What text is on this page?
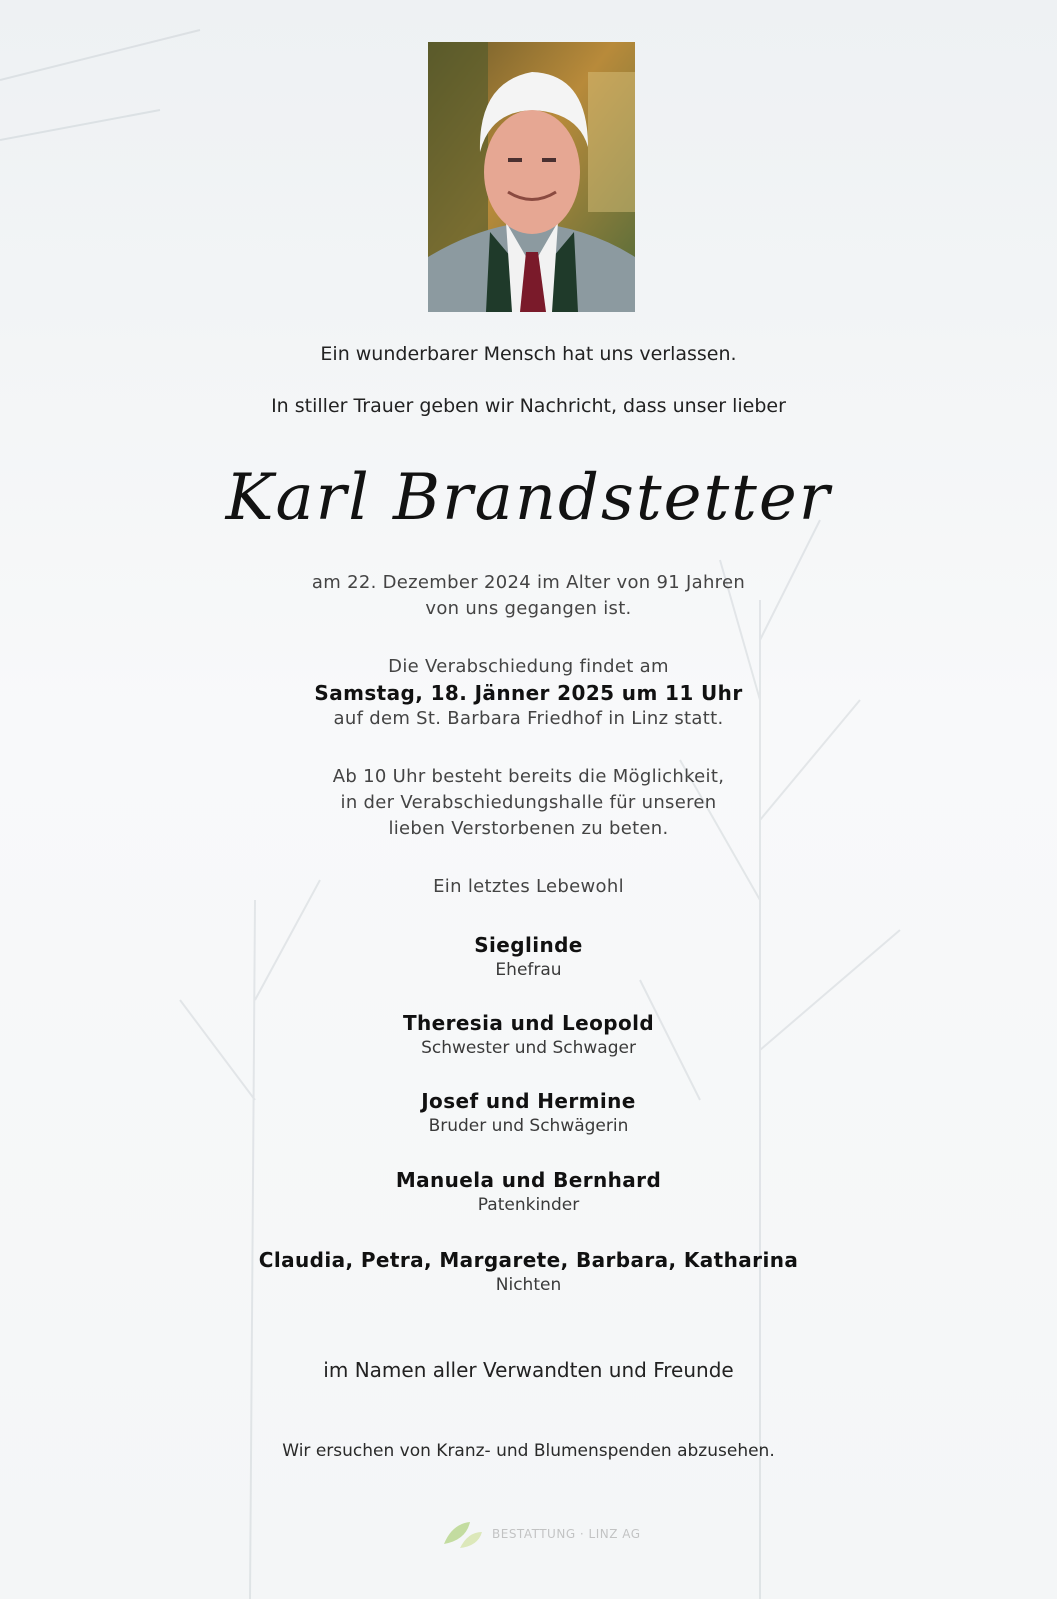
Ein wunderbarer Mensch hat uns verlassen.
In stiller Trauer geben wir Nachricht, dass unser lieber
Karl Brandstetter
am 22. Dezember 2024 im Alter von 91 Jahren
von uns gegangen ist.
Die Verabschiedung findet am
Samstag, 18. Jänner 2025 um 11 Uhr
auf dem St. Barbara Friedhof in Linz statt.
Ab 10 Uhr besteht bereits die Möglichkeit,
in der Verabschiedungshalle für unseren
lieben Verstorbenen zu beten.
Ein letztes Lebewohl
Sieglinde
Ehefrau
Theresia und Leopold
Schwester und Schwager
Josef und Hermine
Bruder und Schwägerin
Manuela und Bernhard
Patenkinder
Claudia, Petra, Margarete, Barbara, Katharina
Nichten
im Namen aller Verwandten und Freunde
Wir ersuchen von Kranz- und Blumenspenden abzusehen.
BESTATTUNG · LINZ AG
